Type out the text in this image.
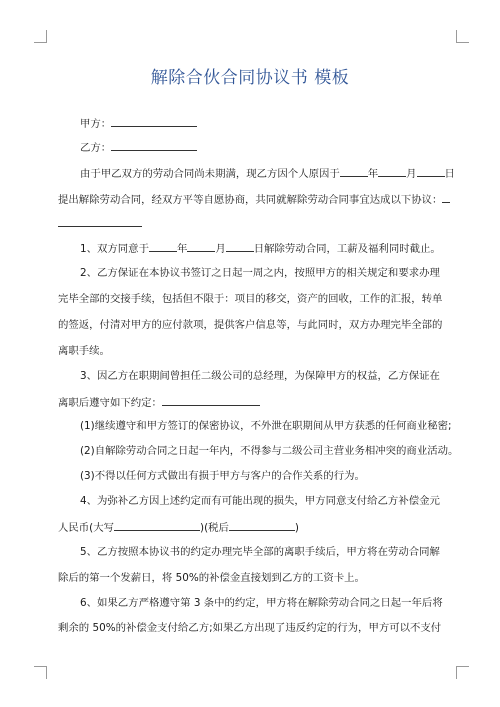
解除合伙合同协议书 模板
甲方：
乙方：
由于甲乙双方的劳动合同尚未期满，现乙方因个人原因于	年	月	日
提出解除劳动合同，经双方平等自愿协商，共同就解除劳动合同事宜达成以下协议：
1、双方同意于	年	月	日解除劳动合同，工薪及福利同时截止。
2、乙方保证在本协议书签订之日起一周之内，按照甲方的相关规定和要求办理
完毕全部的交接手续，包括但不限于：项目的移交，资产的回收，工作的汇报，转单
的签返，付清对甲方的应付款项，提供客户信息等，与此同时，双方办理完毕全部的
离职手续。
3、因乙方在职期间曾担任二级公司的总经理，为保障甲方的权益，乙方保证在
离职后遵守如下约定：
(1)继续遵守和甲方签订的保密协议，不外泄在职期间从甲方获悉的任何商业秘密;
(2)自解除劳动合同之日起一年内，不得参与二级公司主营业务相冲突的商业活动。
(3)不得以任何方式做出有损于甲方与客户的合作关系的行为。
4、为弥补乙方因上述约定而有可能出现的损失，甲方同意支付给乙方补偿金元
人民币(大写	)(税后	)
5、乙方按照本协议书的约定办理完毕全部的离职手续后，甲方将在劳动合同解
除后的第一个发薪日，将 50%的补偿金直接划到乙方的工资卡上。
6、如果乙方严格遵守第 3 条中的约定，甲方将在解除劳动合同之日起一年后将
剩余的 50%的补偿金支付给乙方;如果乙方出现了违反约定的行为，甲方可以不支付
